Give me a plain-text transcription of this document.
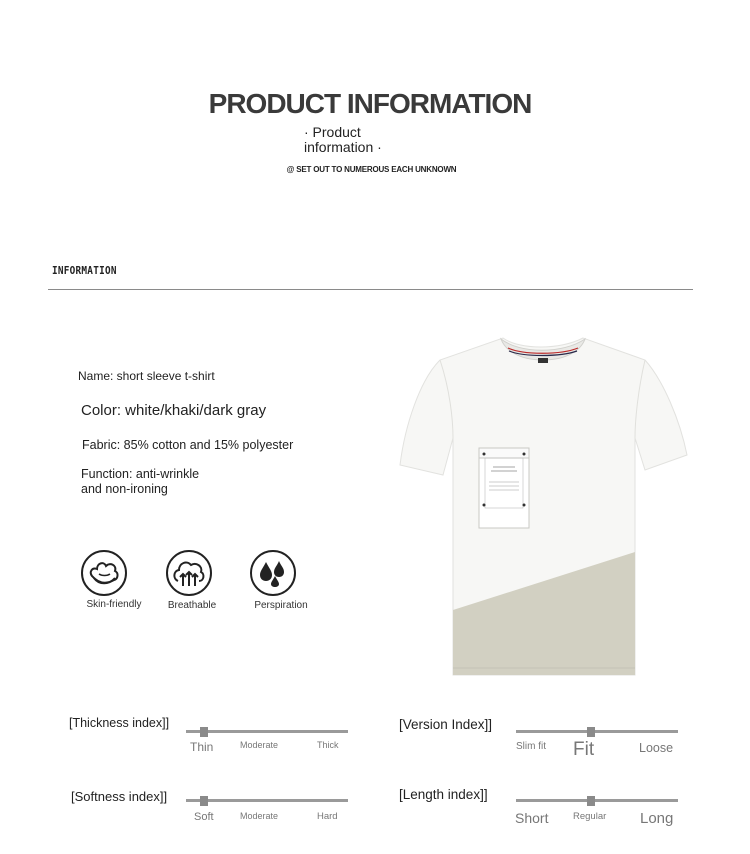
PRODUCT INFORMATION
· Product
information ·
@ SET OUT TO NUMEROUS EACH UNKNOWN
INFORMATION
Name: short sleeve t-shirt
Color: white/khaki/dark gray
Fabric: 85% cotton and 15% polyester
Function: anti-wrinkle
and non-ironing
Skin-friendly	Breathable	Perspiration
[Thickness index]]
Thin	Moderate	Thick
[Version Index]]
Slim fit Fit	Loose
[Softness index]]
Soft	Moderate	Hard
[Length index]]
Short	Regular Long
